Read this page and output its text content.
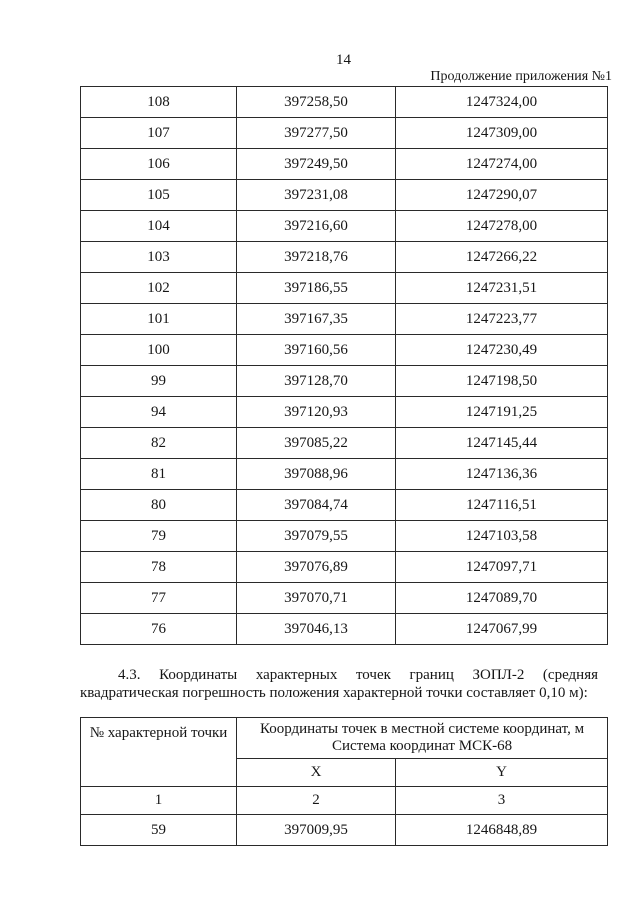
14
Продолжение приложения №1
108	397258,50	1247324,00
107	397277,50	1247309,00
106	397249,50	1247274,00
105	397231,08	1247290,07
104	397216,60	1247278,00
103	397218,76	1247266,22
102	397186,55	1247231,51
101	397167,35	1247223,77
100	397160,56	1247230,49
99	397128,70	1247198,50
94	397120,93	1247191,25
82	397085,22	1247145,44
81	397088,96	1247136,36
80	397084,74	1247116,51
79	397079,55	1247103,58
78	397076,89	1247097,71
77	397070,71	1247089,70
76	397046,13	1247067,99
4.3. Координаты характерных точек границ ЗОПЛ-2 (средняя
квадратическая погрешность положения характерной точки составляет 0,10 м):
№ характерной точки	Координаты точек в местной системе координат, м
Система координат МСК-68	

	X	Y
1	2	3
59	397009,95	1246848,89
